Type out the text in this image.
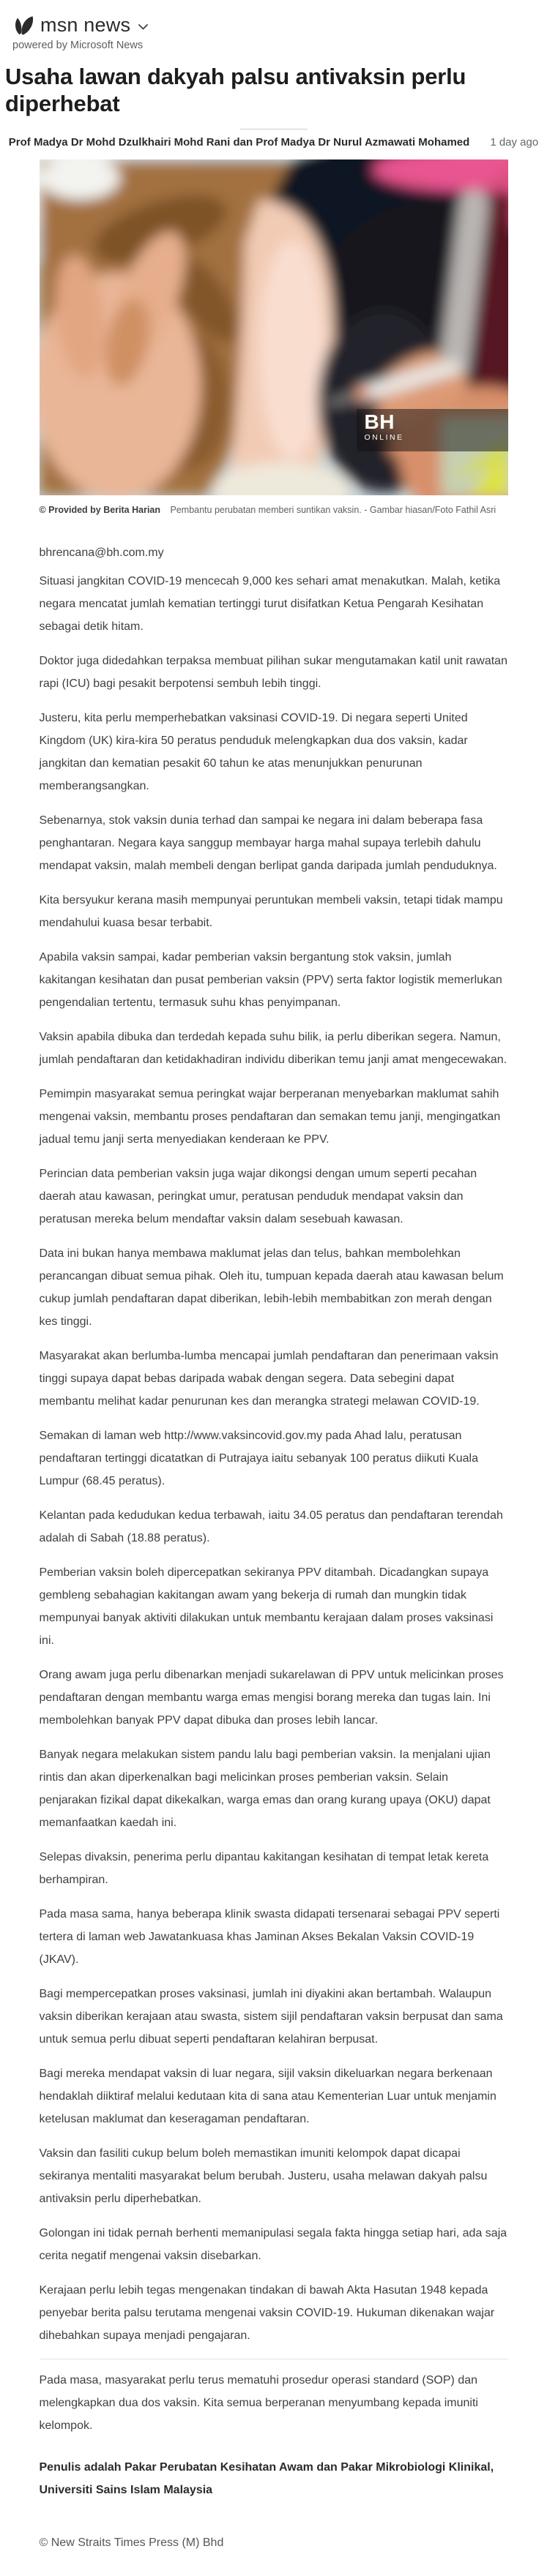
msn news
powered by Microsoft News
Usaha lawan dakyah palsu antivaksin perlu diperhebat
Prof Madya Dr Mohd Dzulkhairi Mohd Rani dan Prof Madya Dr Nurul Azmawati Mohamed 1 day ago
BH
ONLINE
© Provided by Berita Harian Pembantu perubatan memberi suntikan vaksin. - Gambar hiasan/Foto Fathil Asri
bhrencana@bh.com.my

Situasi jangkitan COVID-19 mencecah 9,000 kes sehari amat menakutkan. Malah, ketika negara mencatat jumlah kematian tertinggi turut disifatkan Ketua Pengarah Kesihatan sebagai detik hitam.

Doktor juga didedahkan terpaksa membuat pilihan sukar mengutamakan katil unit rawatan rapi (ICU) bagi pesakit berpotensi sembuh lebih tinggi.

Justeru, kita perlu memperhebatkan vaksinasi COVID-19. Di negara seperti United Kingdom (UK) kira-kira 50 peratus penduduk melengkapkan dua dos vaksin, kadar jangkitan dan kematian pesakit 60 tahun ke atas menunjukkan penurunan memberangsangkan.

Sebenarnya, stok vaksin dunia terhad dan sampai ke negara ini dalam beberapa fasa penghantaran. Negara kaya sanggup membayar harga mahal supaya terlebih dahulu mendapat vaksin, malah membeli dengan berlipat ganda daripada jumlah penduduknya.

Kita bersyukur kerana masih mempunyai peruntukan membeli vaksin, tetapi tidak mampu mendahului kuasa besar terbabit.

Apabila vaksin sampai, kadar pemberian vaksin bergantung stok vaksin, jumlah kakitangan kesihatan dan pusat pemberian vaksin (PPV) serta faktor logistik memerlukan pengendalian tertentu, termasuk suhu khas penyimpanan.

Vaksin apabila dibuka dan terdedah kepada suhu bilik, ia perlu diberikan segera. Namun, jumlah pendaftaran dan ketidakhadiran individu diberikan temu janji amat mengecewakan.

Pemimpin masyarakat semua peringkat wajar berperanan menyebarkan maklumat sahih mengenai vaksin, membantu proses pendaftaran dan semakan temu janji, mengingatkan jadual temu janji serta menyediakan kenderaan ke PPV.

Perincian data pemberian vaksin juga wajar dikongsi dengan umum seperti pecahan daerah atau kawasan, peringkat umur, peratusan penduduk mendapat vaksin dan peratusan mereka belum mendaftar vaksin dalam sesebuah kawasan.

Data ini bukan hanya membawa maklumat jelas dan telus, bahkan membolehkan perancangan dibuat semua pihak. Oleh itu, tumpuan kepada daerah atau kawasan belum cukup jumlah pendaftaran dapat diberikan, lebih-lebih membabitkan zon merah dengan kes tinggi.

Masyarakat akan berlumba-lumba mencapai jumlah pendaftaran dan penerimaan vaksin tinggi supaya dapat bebas daripada wabak dengan segera. Data sebegini dapat membantu melihat kadar penurunan kes dan merangka strategi melawan COVID-19.

Semakan di laman web http://www.vaksincovid.gov.my pada Ahad lalu, peratusan pendaftaran tertinggi dicatatkan di Putrajaya iaitu sebanyak 100 peratus diikuti Kuala Lumpur (68.45 peratus).

Kelantan pada kedudukan kedua terbawah, iaitu 34.05 peratus dan pendaftaran terendah adalah di Sabah (18.88 peratus).

Pemberian vaksin boleh dipercepatkan sekiranya PPV ditambah. Dicadangkan supaya gembleng sebahagian kakitangan awam yang bekerja di rumah dan mungkin tidak mempunyai banyak aktiviti dilakukan untuk membantu kerajaan dalam proses vaksinasi ini.

Orang awam juga perlu dibenarkan menjadi sukarelawan di PPV untuk melicinkan proses pendaftaran dengan membantu warga emas mengisi borang mereka dan tugas lain. Ini membolehkan banyak PPV dapat dibuka dan proses lebih lancar.

Banyak negara melakukan sistem pandu lalu bagi pemberian vaksin. Ia menjalani ujian rintis dan akan diperkenalkan bagi melicinkan proses pemberian vaksin. Selain penjarakan fizikal dapat dikekalkan, warga emas dan orang kurang upaya (OKU) dapat memanfaatkan kaedah ini.

Selepas divaksin, penerima perlu dipantau kakitangan kesihatan di tempat letak kereta berhampiran.

Pada masa sama, hanya beberapa klinik swasta didapati tersenarai sebagai PPV seperti tertera di laman web Jawatankuasa khas Jaminan Akses Bekalan Vaksin COVID-19 (JKAV).

Bagi mempercepatkan proses vaksinasi, jumlah ini diyakini akan bertambah. Walaupun vaksin diberikan kerajaan atau swasta, sistem sijil pendaftaran vaksin berpusat dan sama untuk semua perlu dibuat seperti pendaftaran kelahiran berpusat.

Bagi mereka mendapat vaksin di luar negara, sijil vaksin dikeluarkan negara berkenaan hendaklah diiktiraf melalui kedutaan kita di sana atau Kementerian Luar untuk menjamin ketelusan maklumat dan keseragaman pendaftaran.

Vaksin dan fasiliti cukup belum boleh memastikan imuniti kelompok dapat dicapai sekiranya mentaliti masyarakat belum berubah. Justeru, usaha melawan dakyah palsu antivaksin perlu diperhebatkan.

Golongan ini tidak pernah berhenti memanipulasi segala fakta hingga setiap hari, ada saja cerita negatif mengenai vaksin disebarkan.

Kerajaan perlu lebih tegas mengenakan tindakan di bawah Akta Hasutan 1948 kepada penyebar berita palsu terutama mengenai vaksin COVID-19. Hukuman dikenakan wajar dihebahkan supaya menjadi pengajaran.

Pada masa, masyarakat perlu terus mematuhi prosedur operasi standard (SOP) dan melengkapkan dua dos vaksin. Kita semua berperanan menyumbang kepada imuniti kelompok.

Penulis adalah Pakar Perubatan Kesihatan Awam dan Pakar Mikrobiologi Klinikal, Universiti Sains Islam Malaysia

© New Straits Times Press (M) Bhd
